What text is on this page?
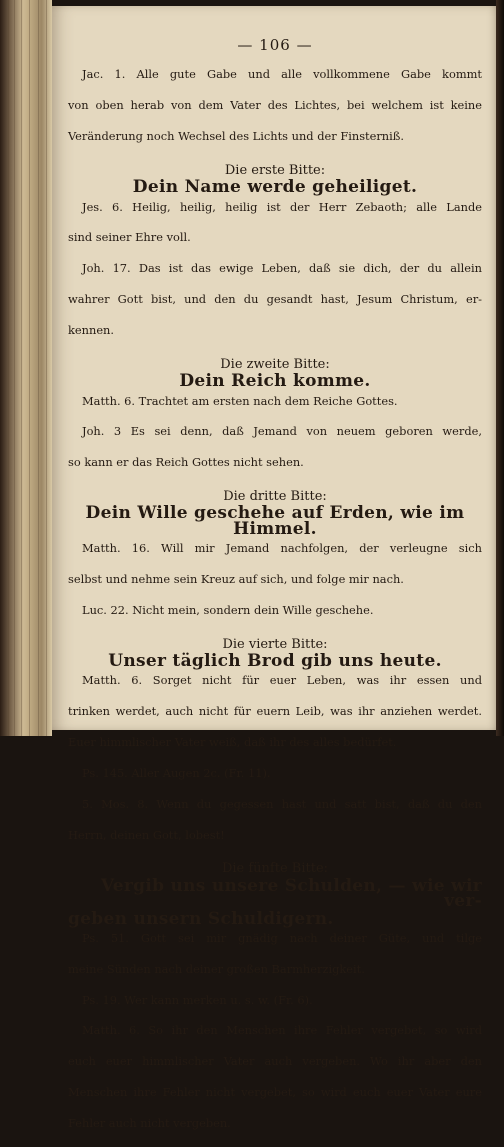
— 106 —

Jac. 1. Alle gute Gabe und alle vollkommene Gabe kommt

von oben herab von dem Vater des Lichtes, bei welchem ist keine

Veränderung noch Wechsel des Lichts und der Finsterniß.

Die erste Bitte:
Dein Name werde geheiliget.

Jes. 6. Heilig, heilig, heilig ist der Herr Zebaoth; alle Lande

sind seiner Ehre voll.

Joh. 17. Das ist das ewige Leben, daß sie dich, der du allein

wahrer Gott bist, und den du gesandt hast, Jesum Christum, er-

kennen.

Die zweite Bitte:
Dein Reich komme.

Matth. 6. Trachtet am ersten nach dem Reiche Gottes.

Joh. 3 Es sei denn, daß Jemand von neuem geboren werde,

so kann er das Reich Gottes nicht sehen.

Die dritte Bitte:
Dein Wille geschehe auf Erden, wie im Himmel.

Matth. 16. Will mir Jemand nachfolgen, der verleugne sich

selbst und nehme sein Kreuz auf sich, und folge mir nach.

Luc. 22. Nicht mein, sondern dein Wille geschehe.

Die vierte Bitte:
Unser täglich Brod gib uns heute.

Matth. 6. Sorget nicht für euer Leben, was ihr essen und

trinken werdet, auch nicht für euern Leib, was ihr anziehen werdet.

Euer himmlischer Vater weiß, daß ihr des alles bedürfet.

Ps. 145. Aller Augen 2c. (Fr. 11).

5. Mos. 8. Wenn du gegessen hast und satt bist, daß du den

Herrn, deinen Gott, lobest!

Die fünfte Bitte:
Vergib uns unsere Schulden, — wie wir ver-
geben unsern Schuldigern.

Ps. 51. Gott sei mir gnädig nach deiner Güte, und tilge

meine Sünden nach deiner großen Barmherzigkeit.

Ps. 19. Wer kann merken u. s. w. (Fr. 6).

Matth. 6. So ihr den Menschen ihre Fehler vergebet, so wird

euch euer himmlischer Vater auch vergeben. Wo ihr aber den

Menschen ihre Fehler nicht vergebet, so wird euch euer Vater eure

Fehler auch nicht vergeben.
